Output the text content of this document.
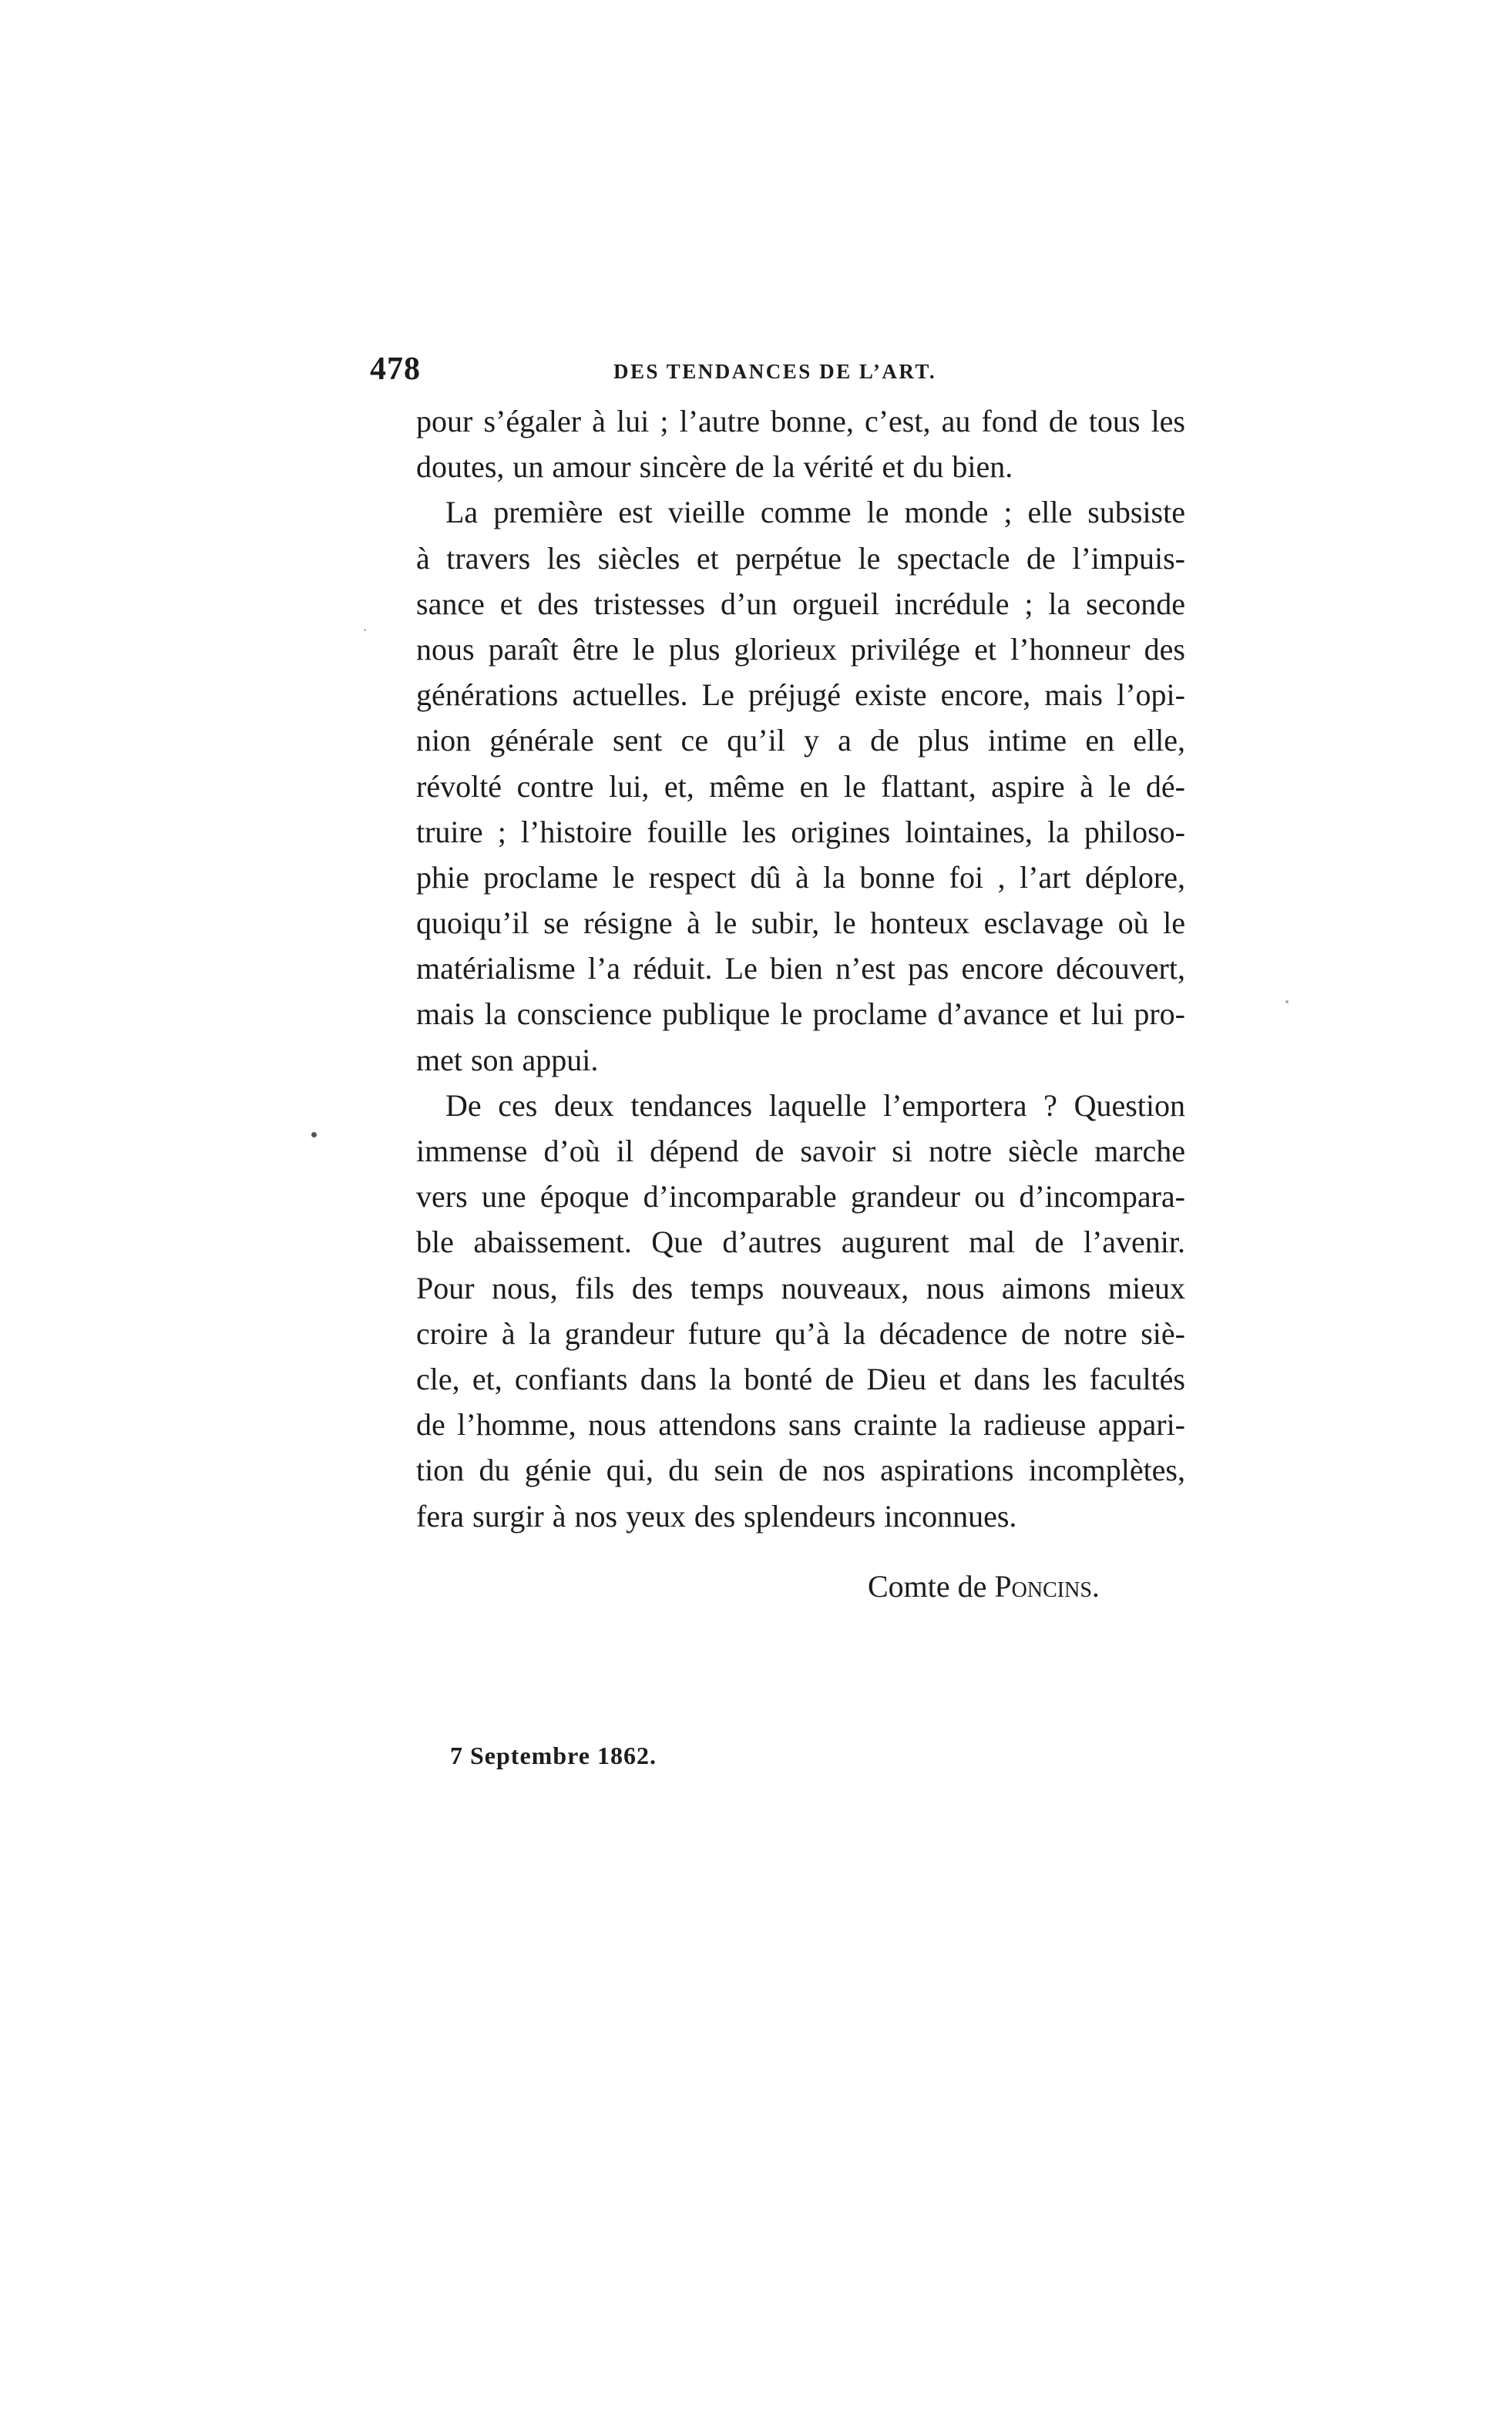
478	DES TENDANCES DE L’ART.
pour s’égaler à lui ; l’autre bonne, c’est, au fond de tous les
doutes, un amour sincère de la vérité et du bien.
La première est vieille comme le monde ; elle subsiste
à travers les siècles et perpétue le spectacle de l’impuis-
sance et des tristesses d’un orgueil incrédule ; la seconde
nous paraît être le plus glorieux privilége et l’honneur des
générations actuelles. Le préjugé existe encore, mais l’opi-
nion générale sent ce qu’il y a de plus intime en elle,
révolté contre lui, et, même en le flattant, aspire à le dé-
truire ; l’histoire fouille les origines lointaines, la philoso-
phie proclame le respect dû à la bonne foi , l’art déplore,
quoiqu’il se résigne à le subir, le honteux esclavage où le
matérialisme l’a réduit. Le bien n’est pas encore découvert,
mais la conscience publique le proclame d’avance et lui pro-
met son appui.
De ces deux tendances laquelle l’emportera ? Question
immense d’où il dépend de savoir si notre siècle marche
vers une époque d’incomparable grandeur ou d’incompara-
ble abaissement. Que d’autres augurent mal de l’avenir.
Pour nous, fils des temps nouveaux, nous aimons mieux
croire à la grandeur future qu’à la décadence de notre siè-
cle, et, confiants dans la bonté de Dieu et dans les facultés
de l’homme, nous attendons sans crainte la radieuse appari-
tion du génie qui, du sein de nos aspirations incomplètes,
fera surgir à nos yeux des splendeurs inconnues.
Comte de Poncins.
7 Septembre 1862.
